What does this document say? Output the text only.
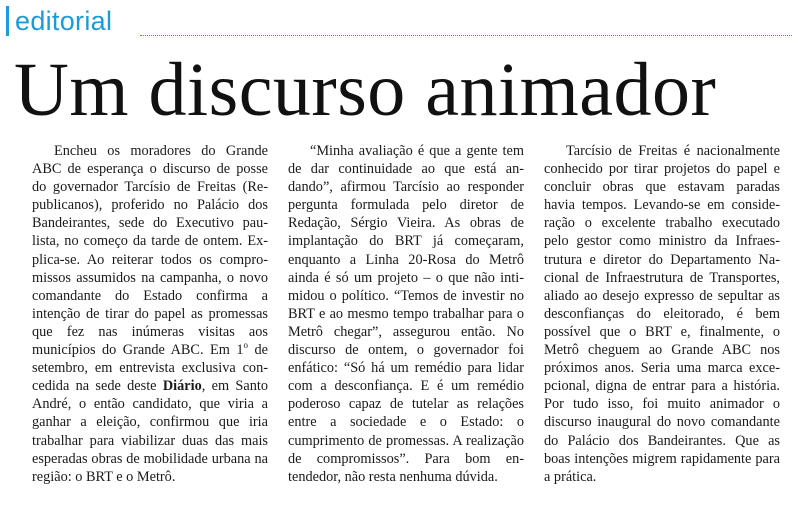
editorial
Um discurso animador

Encheu os moradores do Grande ABC de esperança o discurso de posse do governador Tarcísio de Freitas (Republicanos), proferido no Palácio dos Bandeirantes, sede do Executivo paulista, no começo da tarde de ontem. Explica-se. Ao reiterar todos os compromissos assumidos na campanha, o novo comandante do Estado confirma a intenção de tirar do papel as promessas que fez nas inúmeras visitas aos municípios do Grande ABC. Em 1$^o$ de setembro, em entrevista exclusiva concedida na sede deste Diário, em Santo André, o então candidato, que viria a ganhar a eleição, confirmou que iria trabalhar para viabilizar duas das mais esperadas obras de mobilidade urbana na região: o BRT e o Metrô.

“Minha avaliação é que a gente tem de dar continuidade ao que está andando”, afirmou Tarcísio ao responder pergunta formulada pelo diretor de Redação, Sérgio Vieira. As obras de implantação do BRT já começaram, enquanto a Linha 20-Rosa do Metrô ainda é só um projeto – o que não intimidou o político. “Temos de investir no BRT e ao mesmo tempo trabalhar para o Metrô chegar”, assegurou então. No discurso de ontem, o governador foi enfático: “Só há um remédio para lidar com a desconfiança. E é um remédio poderoso capaz de tutelar as relações entre a sociedade e o Estado: o cumprimento de promessas. A realização de compromissos”. Para bom entendedor, não resta nenhuma dúvida.

Tarcísio de Freitas é nacionalmente conhecido por tirar projetos do papel e concluir obras que estavam paradas havia tempos. Levando-se em consideração o excelente trabalho executado pelo gestor como ministro da Infraestrutura e diretor do Departamento Nacional de Infraestrutura de Transportes, aliado ao desejo expresso de sepultar as desconfianças do eleitorado, é bem possível que o BRT e, finalmente, o Metrô cheguem ao Grande ABC nos próximos anos. Seria uma marca excepcional, digna de entrar para a história. Por tudo isso, foi muito animador o discurso inaugural do novo comandante do Palácio dos Bandeirantes. Que as boas intenções migrem rapidamente para a prática.
